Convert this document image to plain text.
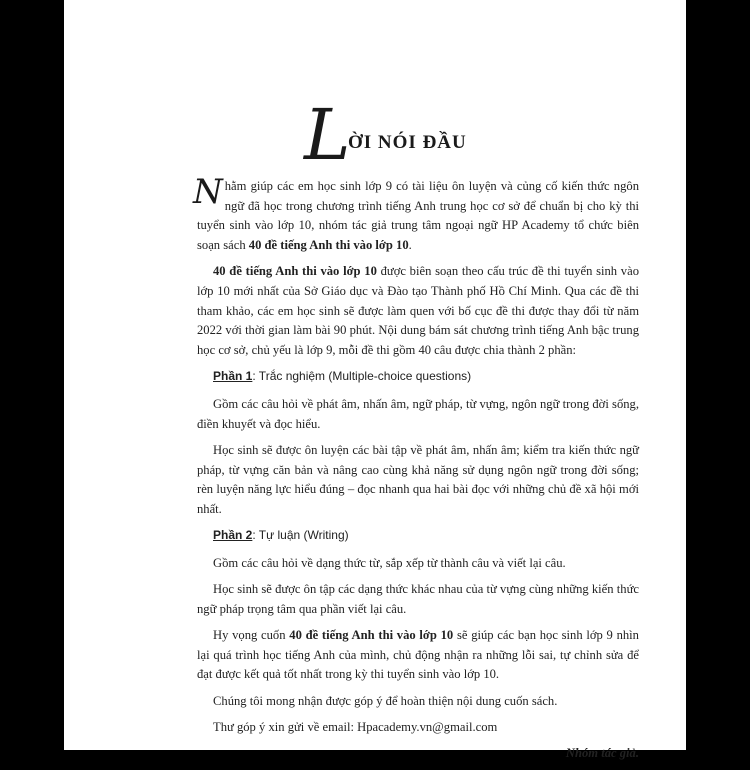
L
ỜI NÓI ĐẦU

Nhằm giúp các em học sinh lớp 9 có tài liệu ôn luyện và củng cố kiến thức ngôn ngữ đã học trong chương trình tiếng Anh trung học cơ sở để chuẩn bị cho kỳ thi tuyển sinh vào lớp 10, nhóm tác giả trung tâm ngoại ngữ HP Academy tổ chức biên soạn sách 40 đề tiếng Anh thi vào lớp 10.

40 đề tiếng Anh thi vào lớp 10 được biên soạn theo cấu trúc đề thi tuyển sinh vào lớp 10 mới nhất của Sở Giáo dục và Đào tạo Thành phố Hồ Chí Minh. Qua các đề thi tham khảo, các em học sinh sẽ được làm quen với bố cục đề thi được thay đổi từ năm 2022 với thời gian làm bài 90 phút. Nội dung bám sát chương trình tiếng Anh bậc trung học cơ sở, chủ yếu là lớp 9, mỗi đề thi gồm 40 câu được chia thành 2 phần:

Phần 1: Trắc nghiệm (Multiple-choice questions)

Gồm các câu hỏi về phát âm, nhấn âm, ngữ pháp, từ vựng, ngôn ngữ trong đời sống, điền khuyết và đọc hiểu.

Học sinh sẽ được ôn luyện các bài tập về phát âm, nhấn âm; kiểm tra kiến thức ngữ pháp, từ vựng căn bản và nâng cao cùng khả năng sử dụng ngôn ngữ trong đời sống; rèn luyện năng lực hiểu đúng – đọc nhanh qua hai bài đọc với những chủ đề xã hội mới nhất.

Phần 2: Tự luận (Writing)

Gồm các câu hỏi về dạng thức từ, sắp xếp từ thành câu và viết lại câu.

Học sinh sẽ được ôn tập các dạng thức khác nhau của từ vựng cùng những kiến thức ngữ pháp trọng tâm qua phần viết lại câu.

Hy vọng cuốn 40 đề tiếng Anh thi vào lớp 10 sẽ giúp các bạn học sinh lớp 9 nhìn lại quá trình học tiếng Anh của mình, chủ động nhận ra những lỗi sai, tự chỉnh sửa để đạt được kết quả tốt nhất trong kỳ thi tuyển sinh vào lớp 10.

Chúng tôi mong nhận được góp ý để hoàn thiện nội dung cuốn sách.

Thư góp ý xin gửi về email: Hpacademy.vn@gmail.com

Nhóm tác giả.
